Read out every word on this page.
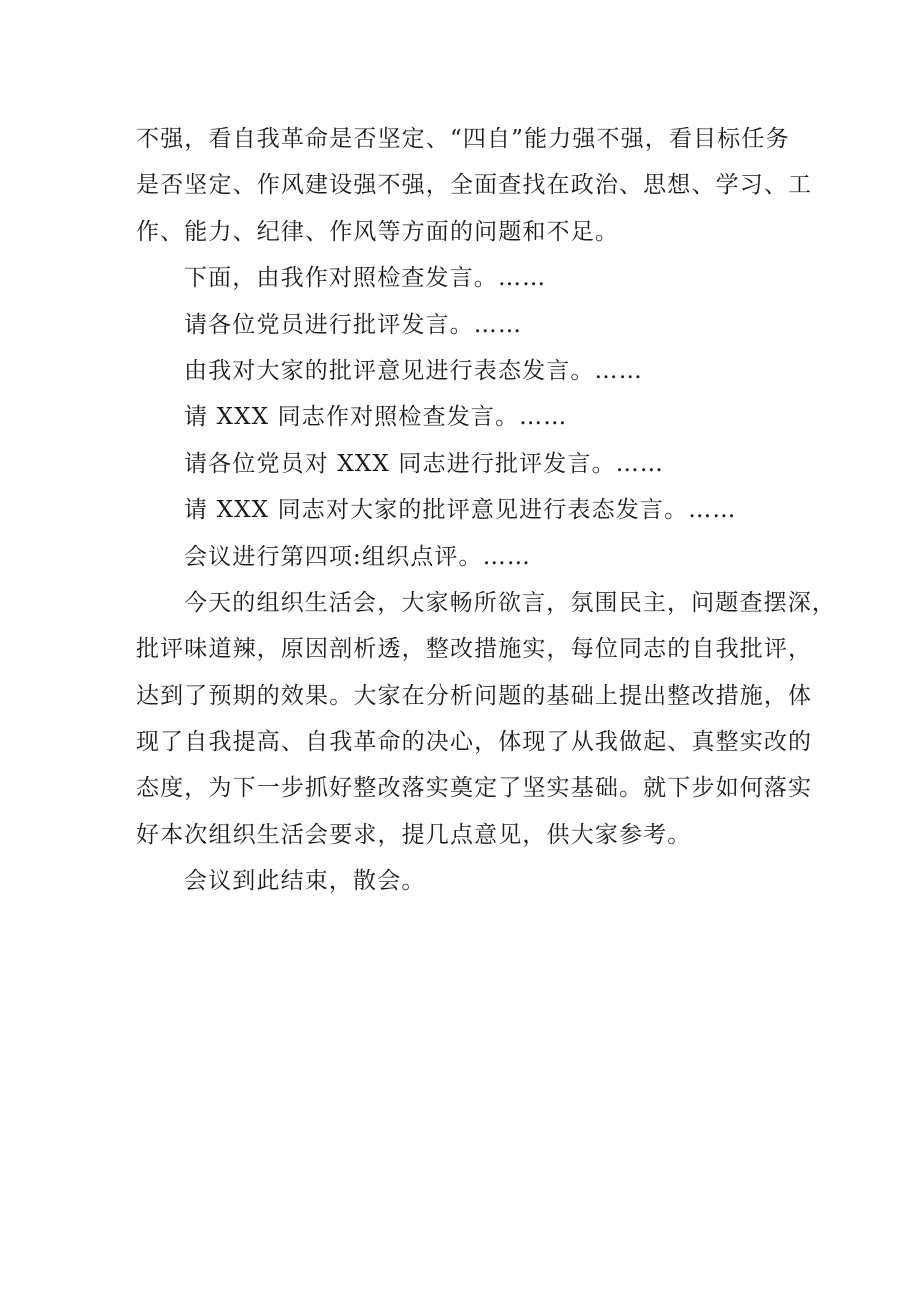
不强，看自我革命是否坚定、“四自”能力强不强，看目标任务
是否坚定、作风建设强不强，全面查找在政治、思想、学习、工
作、能力、纪律、作风等方面的问题和不足。
下面，由我作对照检查发言。……
请各位党员进行批评发言。……
由我对大家的批评意见进行表态发言。……
请 XXX 同志作对照检查发言。……
请各位党员对 XXX 同志进行批评发言。……
请 XXX 同志对大家的批评意见进行表态发言。……
会议进行第四项:组织点评。……
今天的组织生活会，大家畅所欲言，氛围民主，问题查摆深，
批评味道辣，原因剖析透，整改措施实，每位同志的自我批评，
达到了预期的效果。大家在分析问题的基础上提出整改措施，体
现了自我提高、自我革命的决心，体现了从我做起、真整实改的
态度，为下一步抓好整改落实奠定了坚实基础。就下步如何落实
好本次组织生活会要求，提几点意见，供大家参考。
会议到此结束，散会。
